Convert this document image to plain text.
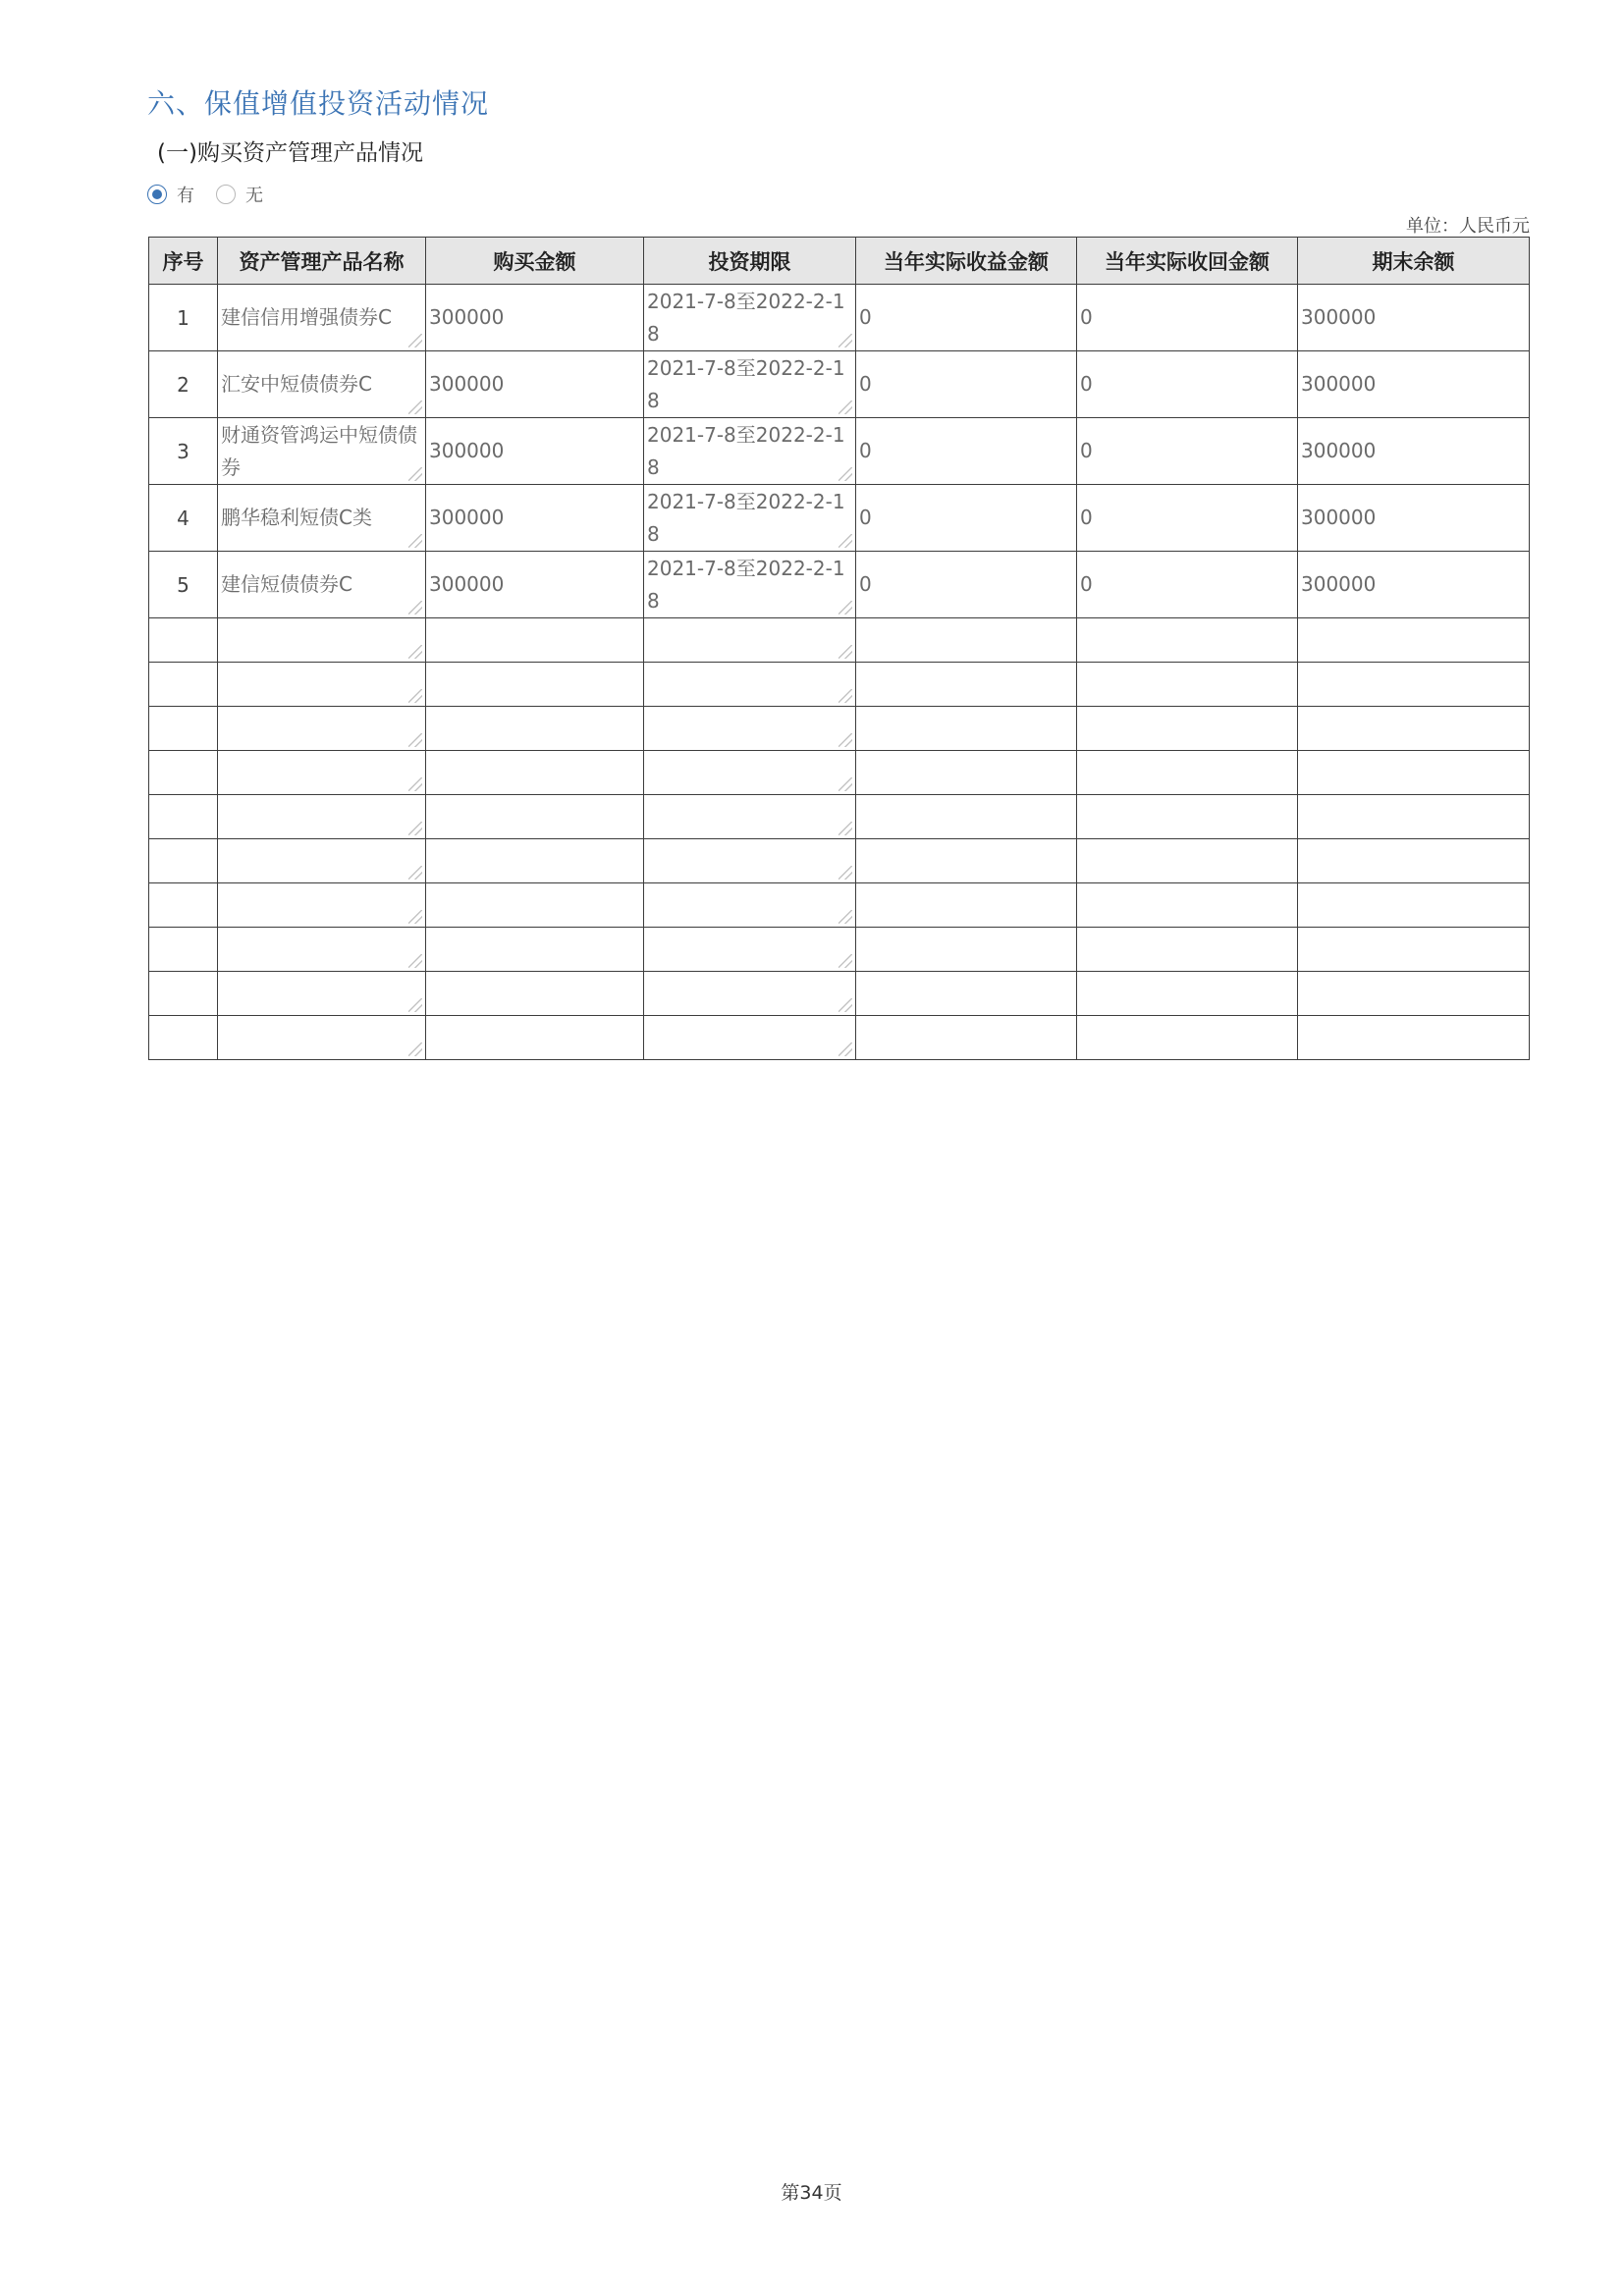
六、保值增值投资活动情况
(一)购买资产管理产品情况
有	无
单位：人民币元
序号	资产管理产品名称	购买金额	投资期限	当年实际收益金额	当年实际收回金额	期末余额
1	建信信用增强债券C	300000	2021-7-8至2022-2-18	0	0	300000

2	汇安中短债债券C	300000	2021-7-8至2022-2-18	0	0	300000

3	财通资管鸿运中短债债券	300000	2021-7-8至2022-2-18	0	0	300000

4	鹏华稳利短债C类	300000	2021-7-8至2022-2-18	0	0	300000

5	建信短债债券C	300000	2021-7-8至2022-2-18	0	0	300000

第34页
